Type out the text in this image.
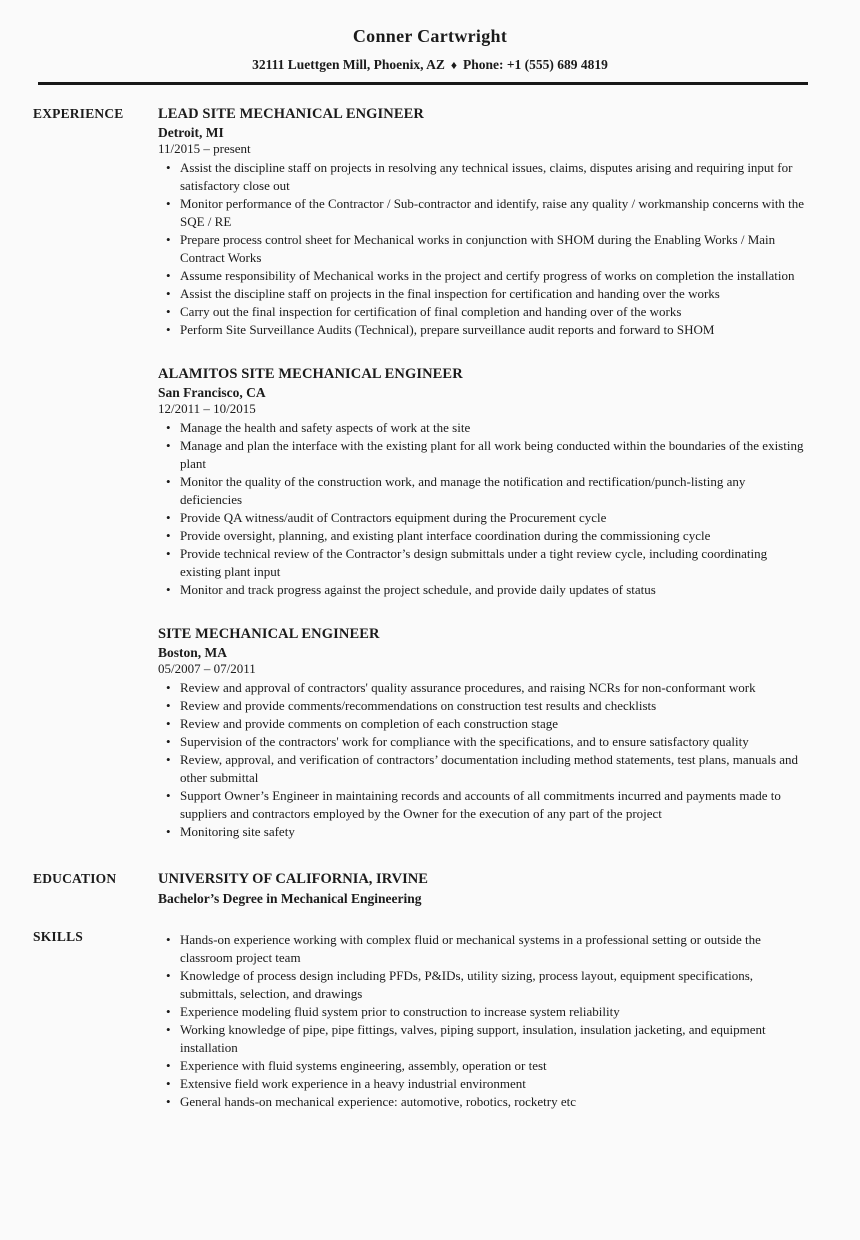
Conner Cartwright
32111 Luettgen Mill, Phoenix, AZ ♦ Phone: +1 (555) 689 4819
EXPERIENCE	LEAD SITE MECHANICAL ENGINEER
Detroit, MI
11/2015 – present
• Assist the discipline staff on projects in resolving any technical issues, claims, disputes arising and requiring input for satisfactory close out
• Monitor performance of the Contractor / Sub-contractor and identify, raise any quality / workmanship concerns with the SQE / RE
• Prepare process control sheet for Mechanical works in conjunction with SHOM during the Enabling Works / Main Contract Works
• Assume responsibility of Mechanical works in the project and certify progress of works on completion the installation
• Assist the discipline staff on projects in the final inspection for certification and handing over the works
• Carry out the final inspection for certification of final completion and handing over of the works
• Perform Site Surveillance Audits (Technical), prepare surveillance audit reports and forward to SHOM
ALAMITOS SITE MECHANICAL ENGINEER
San Francisco, CA
12/2011 – 10/2015
• Manage the health and safety aspects of work at the site
• Manage and plan the interface with the existing plant for all work being conducted within the boundaries of the existing plant
• Monitor the quality of the construction work, and manage the notification and rectification/punch-listing any deficiencies
• Provide QA witness/audit of Contractors equipment during the Procurement cycle
• Provide oversight, planning, and existing plant interface coordination during the commissioning cycle
• Provide technical review of the Contractor’s design submittals under a tight review cycle, including coordinating existing plant input
• Monitor and track progress against the project schedule, and provide daily updates of status
SITE MECHANICAL ENGINEER
Boston, MA
05/2007 – 07/2011
• Review and approval of contractors' quality assurance procedures, and raising NCRs for non-conformant work
• Review and provide comments/recommendations on construction test results and checklists
• Review and provide comments on completion of each construction stage
• Supervision of the contractors' work for compliance with the specifications, and to ensure satisfactory quality
• Review, approval, and verification of contractors’ documentation including method statements, test plans, manuals and other submittal
• Support Owner’s Engineer in maintaining records and accounts of all commitments incurred and payments made to suppliers and contractors employed by the Owner for the execution of any part of the project
• Monitoring site safety
EDUCATION	UNIVERSITY OF CALIFORNIA, IRVINE
Bachelor’s Degree in Mechanical Engineering
SKILLS	• Hands-on experience working with complex fluid or mechanical systems in a professional setting or outside the classroom project team
• Knowledge of process design including PFDs, P&IDs, utility sizing, process layout, equipment specifications, submittals, selection, and drawings
• Experience modeling fluid system prior to construction to increase system reliability
• Working knowledge of pipe, pipe fittings, valves, piping support, insulation, insulation jacketing, and equipment installation
• Experience with fluid systems engineering, assembly, operation or test
• Extensive field work experience in a heavy industrial environment
• General hands-on mechanical experience: automotive, robotics, rocketry etc
